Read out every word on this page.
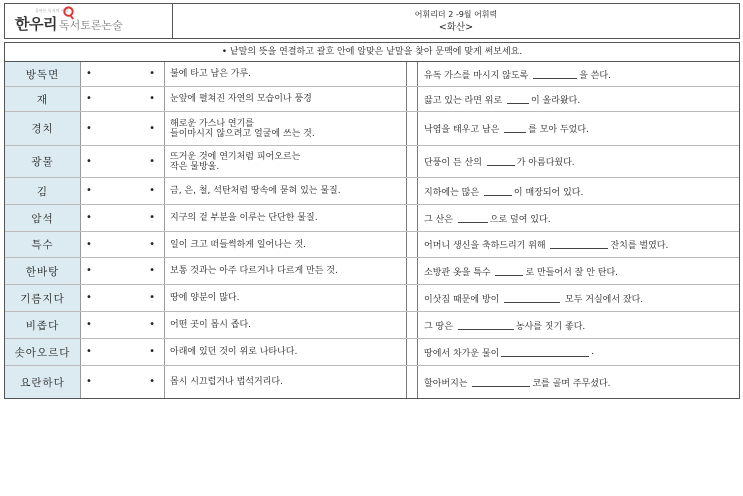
올바른 독서의 시작
한우리 독서토론논술
어휘리더 2 -9월 어휘력
<화산>
• 낱말의 뜻을 연결하고 괄호 안에 알맞은 낱말을 찾아 문맥에 맞게 써보세요.
방독면	•	•	불에 타고 남은 가루.	유독 가스를 마시지 않도록	을 쓴다.
재	•	•	눈앞에 펼쳐진 자연의 모습이나 풍경	끓고 있는 라면 위로	이 올라왔다.
경치	•	•	해로운 가스나 연기를
들이마시지 않으려고 얼굴에 쓰는 것.	낙엽을 태우고 남은	를 모아 두었다.
광물	•	•	뜨거운 것에 연기처럼 피어오르는
작은 물방울.	단풍이 든 산의	가 아름다웠다.
김	•	•	금, 은, 철, 석탄처럼 땅속에 묻혀 있는 물질.	지하에는 많은	이 매장되어 있다.
암석	•	•	지구의 겉 부분을 이루는 단단한 물질.	그 산은	으로 덮여 있다.
특수	•	•	일이 크고 떠들썩하게 일어나는 것.	어머니 생신을 축하드리기 위해	잔치를 벌였다.
한바탕	•	•	보통 것과는 아주 다르거나 다르게 만든 것.	소방관 옷을 특수	로 만들어서 잘 안 탄다.
기름지다	•	•	땅에 양분이 많다.	이삿짐 때문에 방이	모두 거실에서 잤다.
비좁다	•	•	어떤 곳이 몹시 좁다.	그 땅은	농사를 짓기 좋다.
솟아오르다	•	•	아래에 있던 것이 위로 나타나다.	땅에서 차가운 물이	.
요란하다	•	•	몹시 시끄럽거나 법석거리다.	할아버지는	코를 골며 주무셨다.
